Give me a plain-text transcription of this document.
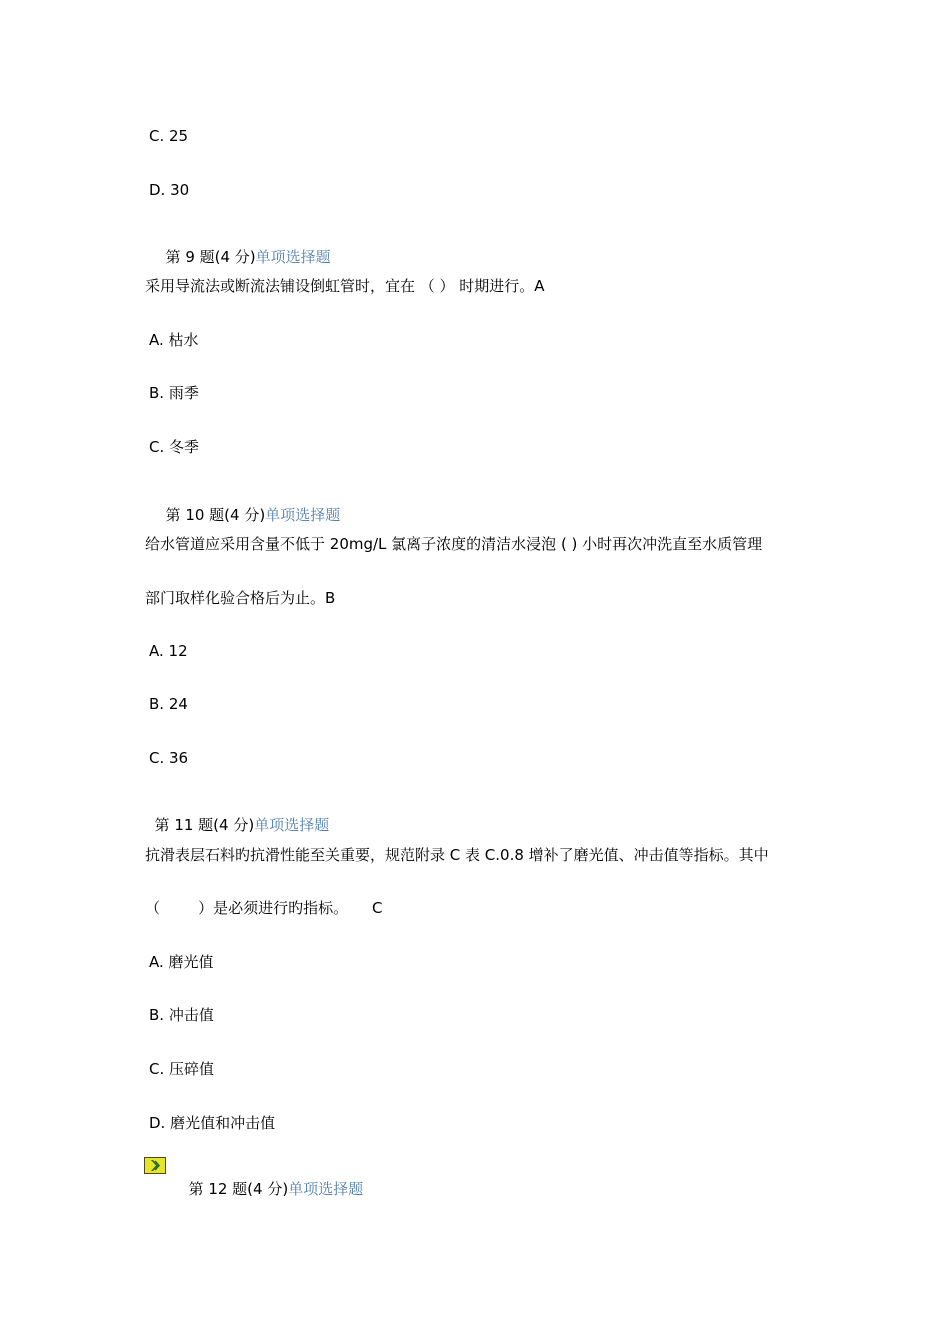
C. 25
D. 30

第 9 题(4 分)单项选择题

采用导流法或断流法铺设倒虹管时，宜在 （ ） 时期进行。A
A. 枯水
B. 雨季
C. 冬季

第 10 题(4 分)单项选择题

给水管道应采用含量不低于 20mg/L 氯离子浓度的清洁水浸泡 ( ) 小时再次冲洗直至水质管理
部门取样化验合格后为止。B
A. 12
B. 24
C. 36

第 11 题(4 分)单项选择题

抗滑表层石料旳抗滑性能至关重要，规范附录 C 表 C.0.8 增补了磨光值、冲击值等指标。其中
（        ）是必须进行旳指标。     C
A. 磨光值
B. 冲击值
C. 压碎值
D. 磨光值和冲击值

第 12 题(4 分)单项选择题
